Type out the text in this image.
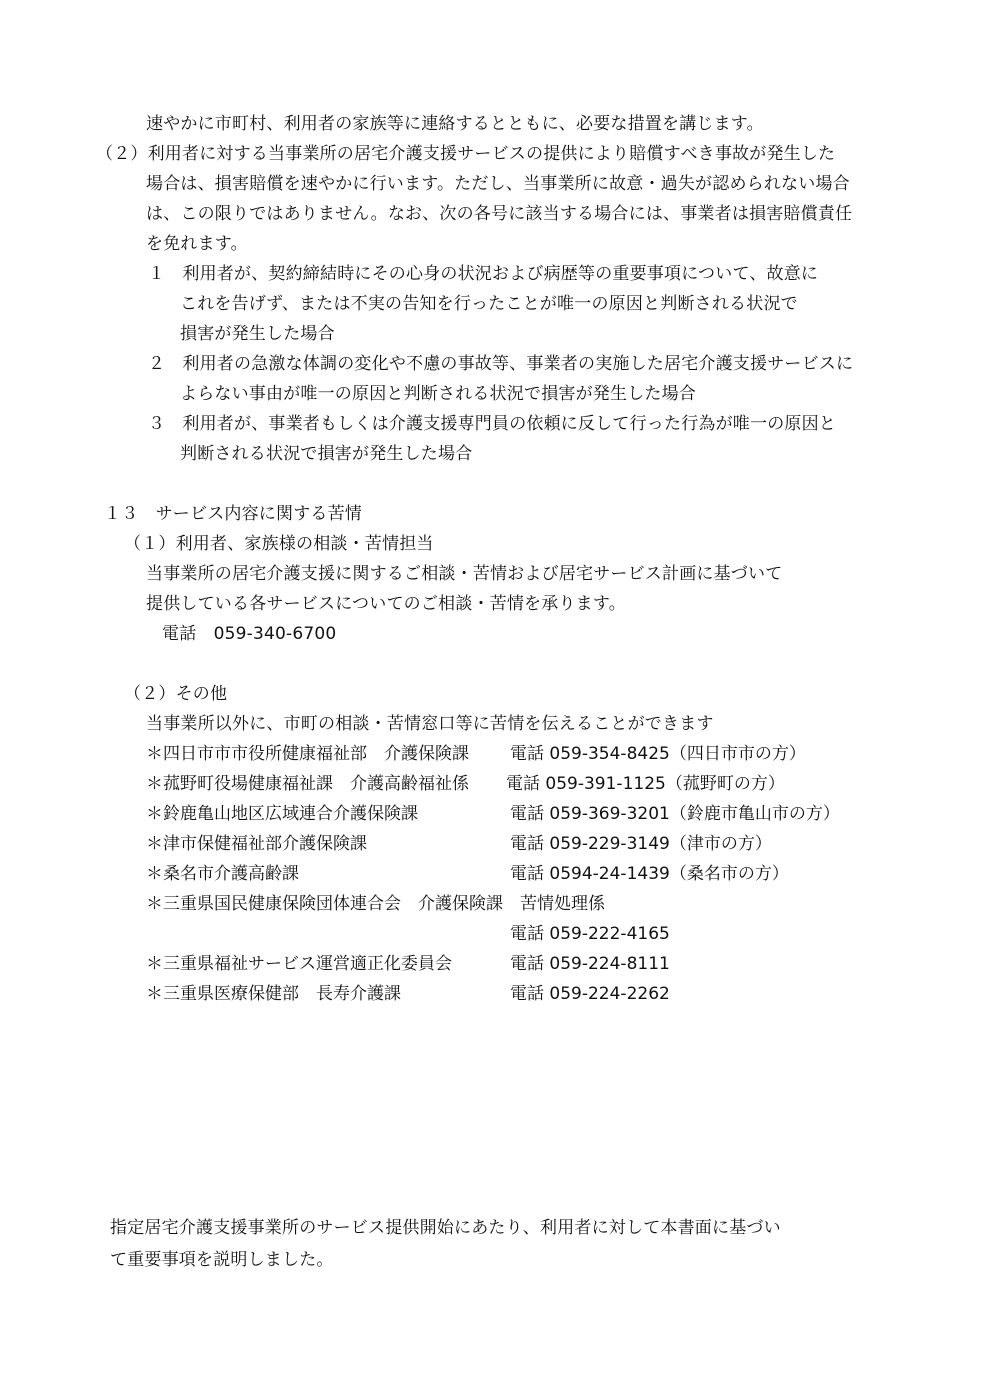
速やかに市町村、利用者の家族等に連絡するとともに、必要な措置を講じます。
（２）利用者に対する当事業所の居宅介護支援サービスの提供により賠償すべき事故が発生した
場合は、損害賠償を速やかに行います。ただし、当事業所に故意・過失が認められない場合
は、この限りではありません。なお、次の各号に該当する場合には、事業者は損害賠償責任
を免れます。
１　利用者が、契約締結時にその心身の状況および病歴等の重要事項について、故意に
これを告げず、または不実の告知を行ったことが唯一の原因と判断される状況で
損害が発生した場合
２　利用者の急激な体調の変化や不慮の事故等、事業者の実施した居宅介護支援サービスに
よらない事由が唯一の原因と判断される状況で損害が発生した場合
３　利用者が、事業者もしくは介護支援専門員の依頼に反して行った行為が唯一の原因と
判断される状況で損害が発生した場合
１３　サービス内容に関する苦情
（１）利用者、家族様の相談・苦情担当
当事業所の居宅介護支援に関するご相談・苦情および居宅サービス計画に基づいて
提供している各サービスについてのご相談・苦情を承ります。
電話　059-340-6700
（２）その他
当事業所以外に、市町の相談・苦情窓口等に苦情を伝えることができます
＊四日市市市役所健康福祉部　介護保険課 電話 059-354-8425（四日市市の方）
＊菰野町役場健康福祉課　介護高齢福祉係 電話 059-391-1125（菰野町の方）
＊鈴鹿亀山地区広域連合介護保険課	電話 059-369-3201（鈴鹿市亀山市の方）
＊津市保健福祉部介護保険課	電話 059-229-3149（津市の方）
＊桑名市介護高齢課	電話 0594-24-1439（桑名市の方）
＊三重県国民健康保険団体連合会　介護保険課　苦情処理係
電話 059-222-4165
＊三重県福祉サービス運営適正化委員会	電話 059-224-8111
＊三重県医療保健部　長寿介護課	電話 059-224-2262
指定居宅介護支援事業所のサービス提供開始にあたり、利用者に対して本書面に基づい
て重要事項を説明しました。
